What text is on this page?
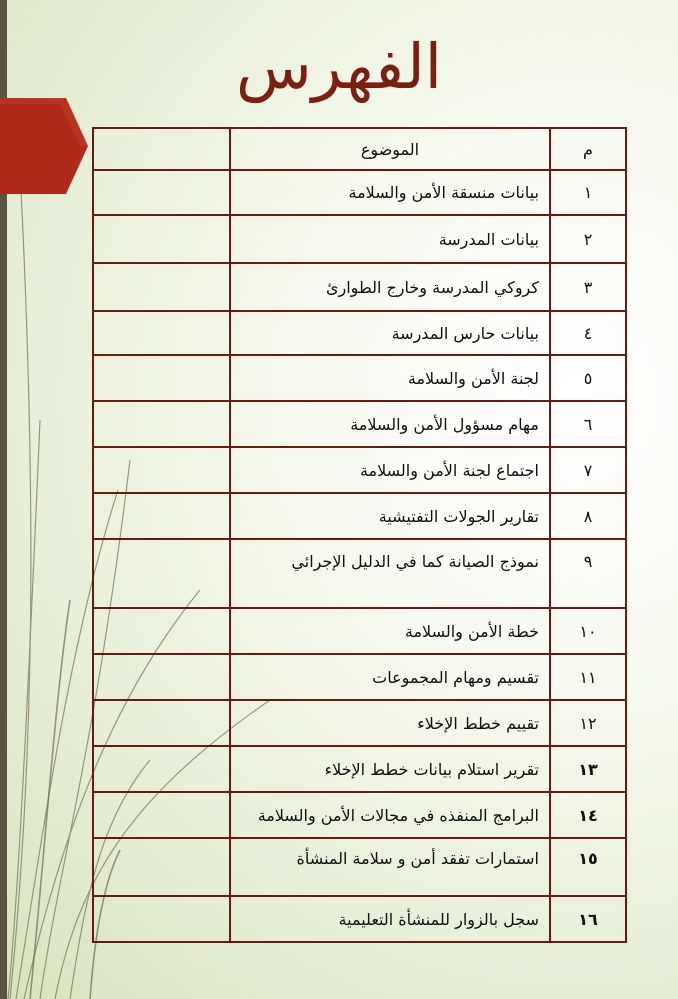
الفهرس
م	الموضوع	
١	بيانات منسقة الأمن والسلامة	
٢	بيانات المدرسة	
٣	كروكي المدرسة وخارج الطوارئ	
٤	بيانات حارس المدرسة	
٥	لجنة الأمن والسلامة	
٦	مهام مسؤول الأمن والسلامة	
٧	اجتماع لجنة الأمن والسلامة	
٨	تقارير الجولات التفتيشية	
٩	نموذج الصيانة كما في الدليل الإجرائي	
١٠	خطة الأمن والسلامة	
١١	تقسيم ومهام المجموعات	
١٢	تقييم خطط الإخلاء	
١٣	تقرير استلام بيانات خطط الإخلاء	
١٤	البرامج المنفذه في مجالات الأمن والسلامة	
١٥	استمارات تفقد أمن و سلامة المنشأة	
١٦	سجل بالزوار للمنشأة التعليمية	
